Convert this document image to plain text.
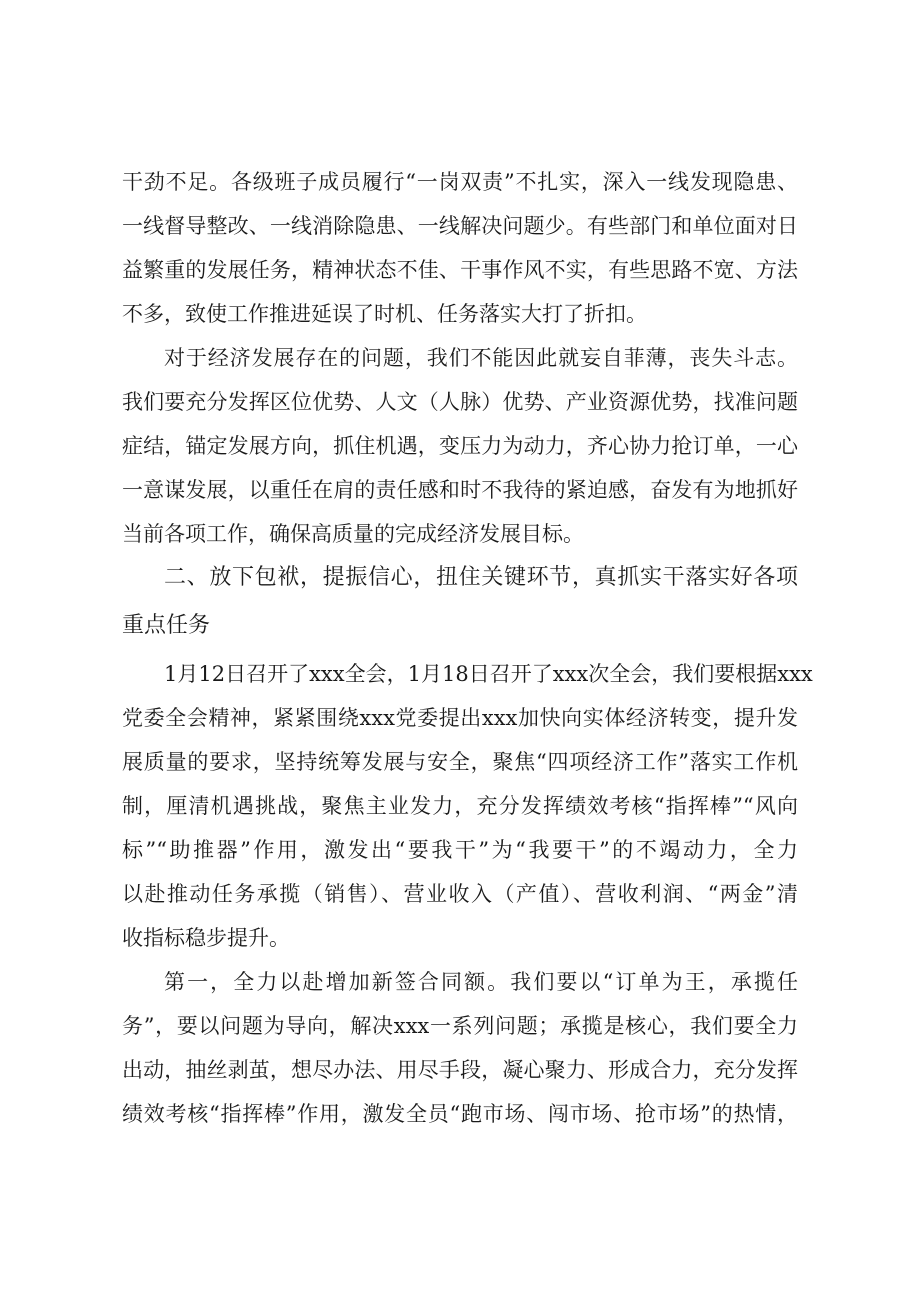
干劲不足。各级班子成员履行“一岗双责”不扎实，深入一线发现隐患、
一线督导整改、一线消除隐患、一线解决问题少。有些部门和单位面对日
益繁重的发展任务，精神状态不佳、干事作风不实，有些思路不宽、方法
不多，致使工作推进延误了时机、任务落实大打了折扣。
对于经济发展存在的问题，我们不能因此就妄自菲薄，丧失斗志。
我们要充分发挥区位优势、人文（人脉）优势、产业资源优势，找准问题
症结，锚定发展方向，抓住机遇，变压力为动力，齐心协力抢订单，一心
一意谋发展，以重任在肩的责任感和时不我待的紧迫感，奋发有为地抓好
当前各项工作，确保高质量的完成经济发展目标。
二、放下包袱，提振信心，扭住关键环节，真抓实干落实好各项
重点任务
1月12日召开了xxx全会，1月18日召开了xxx次全会，我们要根据xxx
党委全会精神，紧紧围绕xxx党委提出xxx加快向实体经济转变，提升发
展质量的要求，坚持统筹发展与安全，聚焦“四项经济工作”落实工作机
制，厘清机遇挑战，聚焦主业发力，充分发挥绩效考核“指挥棒”“风向
标”“助推器”作用，激发出“要我干”为“我要干”的不竭动力，全力
以赴推动任务承揽（销售）、营业收入（产值）、营收利润、“两金”清
收指标稳步提升。
第一，全力以赴增加新签合同额。我们要以“订单为王，承揽任
务”，要以问题为导向，解决xxx一系列问题；承揽是核心，我们要全力
出动，抽丝剥茧，想尽办法、用尽手段，凝心聚力、形成合力，充分发挥
绩效考核“指挥棒”作用，激发全员“跑市场、闯市场、抢市场”的热情，
